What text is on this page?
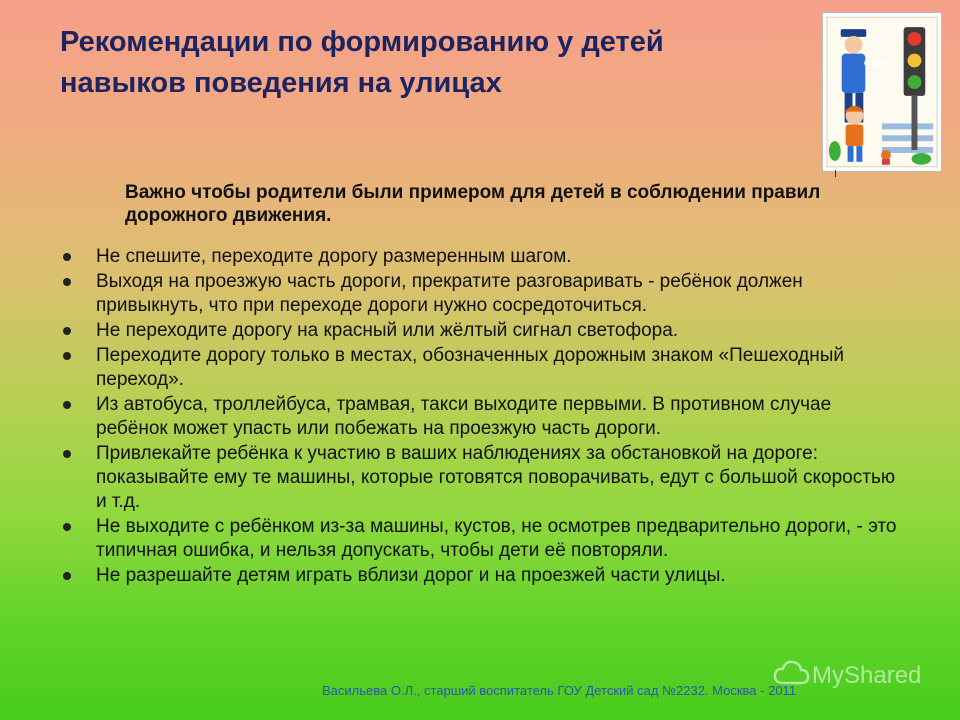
Рекомендации по формированию у детей
навыков поведения на улицах
Важно чтобы родители были примером для детей в соблюдении правил дорожного движения.
Не спешите, переходите дорогу размеренным шагом.
Выходя на проезжую часть дороги, прекратите разговаривать - ребёнок должен привыкнуть, что при переходе дороги нужно сосредоточиться.
Не переходите дорогу на красный или жёлтый сигнал светофора.
Переходите дорогу только в местах, обозначенных дорожным знаком «Пешеходный переход».
Из автобуса, троллейбуса, трамвая, такси выходите первыми. В противном случае ребёнок может упасть или побежать на проезжую часть дороги.
Привлекайте ребёнка к участию в ваших наблюдениях за обстановкой на дороге: показывайте ему те машины, которые готовятся поворачивать, едут с большой скоростью и т.д.
Не выходите с ребёнком из-за машины, кустов, не осмотрев предварительно дороги, - это типичная ошибка, и нельзя допускать, чтобы дети её повторяли.
Не разрешайте детям играть вблизи дорог и на проезжей части улицы.
Васильева О.Л., старший воспитатель ГОУ Детский сад №2232. Москва - 2011
MyShared
